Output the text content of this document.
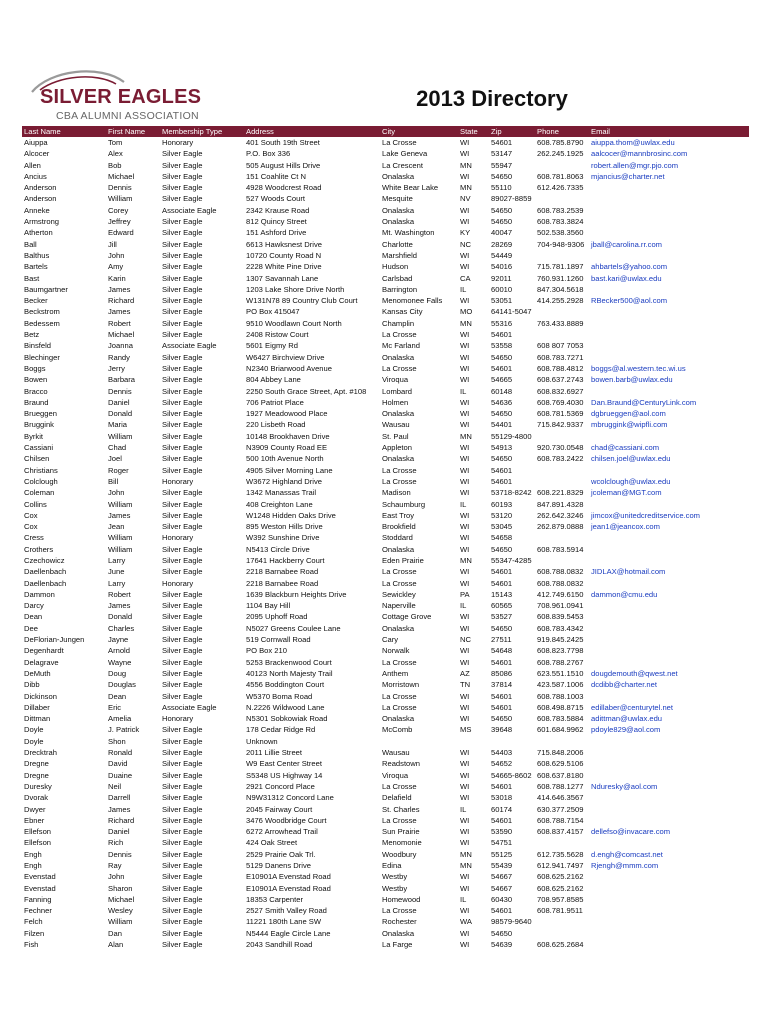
SILVER EAGLES
CBA ALUMNI ASSOCIATION
2013 Directory
Last Name	First Name	Membership Type	Address	City	State	Zip	Phone	Email
Aiuppa	Tom	Honorary	401 South 19th Street	La Crosse	WI	54601	608.785.8790	aiuppa.thom@uwlax.edu
Alcocer	Alex	Silver Eagle	P.O. Box 336	Lake Geneva	WI	53147	262.245.1925	aalcocer@mannbrosinc.com
Allen	Bob	Silver Eagle	505 August Hills Drive	La Crescent	MN	55947		robert.allen@mgr.pjo.com
Ancius	Michael	Silver Eagle	151 Coahlite Ct N	Onalaska	WI	54650	608.781.8063	mjancius@charter.net
Anderson	Dennis	Silver Eagle	4928 Woodcrest Road	White Bear Lake	MN	55110	612.426.7335	
Anderson	William	Silver Eagle	527 Woods Court	Mesquite	NV	89027-8859		
Anneke	Corey	Associate Eagle	2342 Krause Road	Onalaska	WI	54650	608.783.2539	
Armstrong	Jeffrey	Silver Eagle	812 Quincy Street	Onalaska	WI	54650	608.783.3824	
Atherton	Edward	Silver Eagle	151 Ashford Drive	Mt. Washington	KY	40047	502.538.3560	
Ball	Jill	Silver Eagle	6613 Hawksnest Drive	Charlotte	NC	28269	704-948-9306	jball@carolina.rr.com
Balthus	John	Silver Eagle	10720 County Road N	Marshfield	WI	54449		
Bartels	Amy	Silver Eagle	2228 White Pine Drive	Hudson	WI	54016	715.781.1897	ahbartels@yahoo.com
Bast	Karin	Silver Eagle	1307 Savannah Lane	Carlsbad	CA	92011	760.931.1260	bast.kari@uwlax.edu
Baumgartner	James	Silver Eagle	1203 Lake Shore Drive North	Barrington	IL	60010	847.304.5618	
Becker	Richard	Silver Eagle	W131N78 89 Country Club Court	Menomonee Falls	WI	53051	414.255.2928	RBecker500@aol.com
Beckstrom	James	Silver Eagle	PO Box 415047	Kansas City	MO	64141-5047		
Bedessem	Robert	Silver Eagle	9510 Woodlawn Court North	Champlin	MN	55316	763.433.8889	
Betz	Michael	Silver Eagle	2408 Ristow Court	La Crosse	WI	54601		
Binsfeld	Joanna	Associate Eagle	5601 Eigmy Rd	Mc Farland	WI	53558	608 807 7053	
Blechinger	Randy	Silver Eagle	W6427 Birchview Drive	Onalaska	WI	54650	608.783.7271	
Boggs	Jerry	Silver Eagle	N2340 Briarwood Avenue	La Crosse	WI	54601	608.788.4812	boggs@al.western.tec.wi.us
Bowen	Barbara	Silver Eagle	804 Abbey Lane	Viroqua	WI	54665	608.637.2743	bowen.barb@uwlax.edu
Bracco	Dennis	Silver Eagle	2250 South Grace Street, Apt. #108	Lombard	IL	60148	608.832.6927	
Braund	Daniel	Silver Eagle	706 Patriot Place	Holmen	WI	54636	608.769.4030	Dan.Braund@CenturyLink.com
Brueggen	Donald	Silver Eagle	1927 Meadowood Place	Onalaska	WI	54650	608.781.5369	dgbrueggen@aol.com
Bruggink	Maria	Silver Eagle	220 Lisbeth Road	Wausau	WI	54401	715.842.9337	mbruggink@wipfli.com
Byrkit	William	Silver Eagle	10148 Brookhaven Drive	St. Paul	MN	55129-4800		
Cassiani	Chad	Silver Eagle	N3909 County Road EE	Appleton	WI	54913	920.730.0548	chad@cassiani.com
Chilsen	Joel	Silver Eagle	500 10th Avenue North	Onalaska	WI	54650	608.783.2422	chilsen.joel@uwlax.edu
Christians	Roger	Silver Eagle	4905 Silver Morning Lane	La Crosse	WI	54601		
Colclough	Bill	Honorary	W3672 Highland Drive	La Crosse	WI	54601		wcolclough@uwlax.edu
Coleman	John	Silver Eagle	1342 Manassas Trail	Madison	WI	53718-8242	608.221.8329	jcoleman@MGT.com
Collins	William	Silver Eagle	408 Creighton Lane	Schaumburg	IL	60193	847.891.4328	
Cox	James	Silver Eagle	W1248 Hidden Oaks Drive	East Troy	WI	53120	262.642.3246	jimcox@unitedcreditservice.com
Cox	Jean	Silver Eagle	895 Weston Hills Drive	Brookfield	WI	53045	262.879.0888	jean1@jeancox.com
Cress	William	Honorary	W392 Sunshine Drive	Stoddard	WI	54658		
Crothers	William	Silver Eagle	N5413 Circle Drive	Onalaska	WI	54650	608.783.5914	
Czechowicz	Larry	Silver Eagle	17641 Hackberry Court	Eden Prairie	MN	55347-4285		
Daellenbach	June	Silver Eagle	2218 Barnabee Road	La Crosse	WI	54601	608.788.0832	JIDLAX@hotmail.com
Daellenbach	Larry	Honorary	2218 Barnabee Road	La Crosse	WI	54601	608.788.0832	
Dammon	Robert	Silver Eagle	1639 Blackburn Heights Drive	Sewickley	PA	15143	412.749.6150	dammon@cmu.edu
Darcy	James	Silver Eagle	1104 Bay Hill	Naperville	IL	60565	708.961.0941	
Dean	Donald	Silver Eagle	2095 Uphoff Road	Cottage Grove	WI	53527	608.839.5453	
Dee	Charles	Silver Eagle	N5027 Greens Coulee Lane	Onalaska	WI	54650	608.783.4342	
DeFlorian-Jungen	Jayne	Silver Eagle	519 Cornwall Road	Cary	NC	27511	919.845.2425	
Degenhardt	Arnold	Silver Eagle	PO Box 210	Norwalk	WI	54648	608.823.7798	
Delagrave	Wayne	Silver Eagle	5253 Brackenwood Court	La Crosse	WI	54601	608.788.2767	
DeMuth	Doug	Silver Eagle	40123 North Majesty Trail	Anthem	AZ	85086	623.551.1510	dougdemouth@qwest.net
Dibb	Douglas	Silver Eagle	4556 Boddington Court	Morristown	TN	37814	423.587.1006	dcdibb@charter.net
Dickinson	Dean	Silver Eagle	W5370 Boma Road	La Crosse	WI	54601	608.788.1003	
Dillaber	Eric	Associate Eagle	N.2226 Wildwood Lane	La Crosse	WI	54601	608.498.8715	edillaber@centurytel.net
Dittman	Amelia	Honorary	N5301 Sobkowiak Road	Onalaska	WI	54650	608.783.5884	adittman@uwlax.edu
Doyle	J. Patrick	Silver Eagle	178 Cedar Ridge Rd	McComb	MS	39648	601.684.9962	pdoyle829@aol.com
Doyle	Shon	Silver Eagle	Unknown					
Drecktrah	Ronald	Silver Eagle	2011 Lillie Street	Wausau	WI	54403	715.848.2006	
Dregne	David	Silver Eagle	W9 East Center Street	Readstown	WI	54652	608.629.5106	
Dregne	Duaine	Silver Eagle	S5348 US Highway 14	Viroqua	WI	54665-8602	608.637.8180	
Duresky	Neil	Silver Eagle	2921 Concord Place	La Crosse	WI	54601	608.788.1277	Nduresky@aol.com
Dvorak	Darrell	Silver Eagle	N9W31312 Concord Lane	Delafield	WI	53018	414.646.3567	
Dwyer	James	Silver Eagle	2045 Fairway Court	St. Charles	IL	60174	630.377.2509	
Ebner	Richard	Silver Eagle	3476 Woodbridge Court	La Crosse	WI	54601	608.788.7154	
Ellefson	Daniel	Silver Eagle	6272 Arrowhead Trail	Sun Prairie	WI	53590	608.837.4157	dellefso@invacare.com
Ellefson	Rich	Silver Eagle	424 Oak Street	Menomonie	WI	54751		
Engh	Dennis	Silver Eagle	2529 Prairie Oak Trl.	Woodbury	MN	55125	612.735.5628	d.engh@comcast.net
Engh	Ray	Silver Eagle	5129 Danens Drive	Edina	MN	55439	612.941.7497	Rjengh@mmm.com
Evenstad	John	Silver Eagle	E10901A Evenstad Road	Westby	WI	54667	608.625.2162	
Evenstad	Sharon	Silver Eagle	E10901A Evenstad Road	Westby	WI	54667	608.625.2162	
Fanning	Michael	Silver Eagle	18353 Carpenter	Homewood	IL	60430	708.957.8585	
Fechner	Wesley	Silver Eagle	2527 Smith Valley Road	La Crosse	WI	54601	608.781.9511	
Felch	William	Silver Eagle	11221 180th Lane SW	Rochester	WA	98579-9640		
Filzen	Dan	Silver Eagle	N5444 Eagle Circle Lane	Onalaska	WI	54650		
Fish	Alan	Silver Eagle	2043 Sandhill Road	La Farge	WI	54639	608.625.2684	
